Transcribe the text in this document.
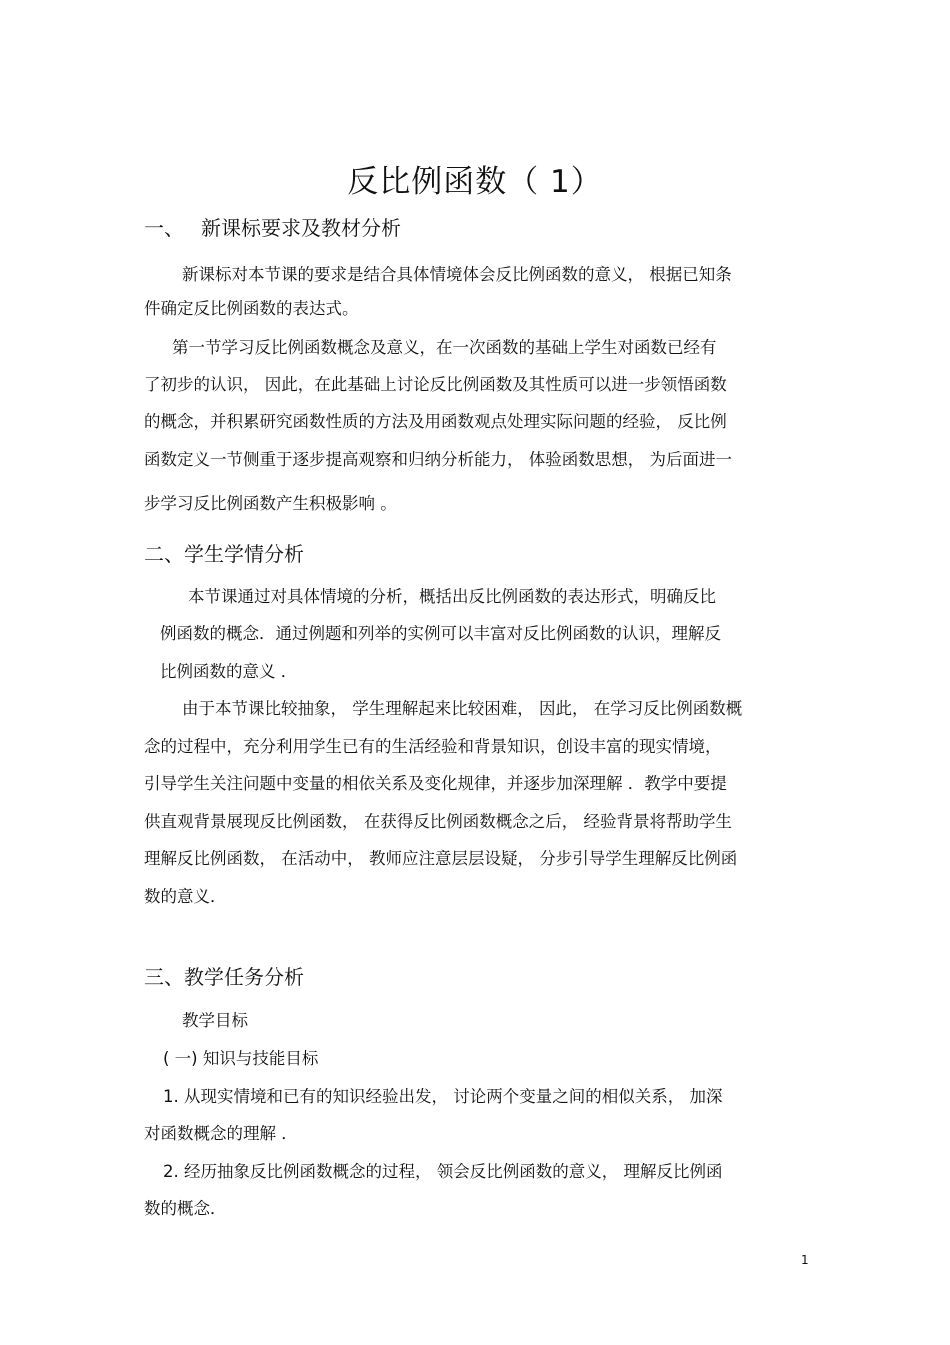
反比例函数（ 1）
一、 新课标要求及教材分析
新课标对本节课的要求是结合具体情境体会反比例函数的意义， 根据已知条
件确定反比例函数的表达式。
第一节学习反比例函数概念及意义，在一次函数的基础上学生对函数已经有
了初步的认识， 因此，在此基础上讨论反比例函数及其性质可以进一步领悟函数
的概念，并积累研究函数性质的方法及用函数观点处理实际问题的经验， 反比例
函数定义一节侧重于逐步提高观察和归纳分析能力， 体验函数思想， 为后面进一
步学习反比例函数产生积极影响 。
二、学生学情分析
本节课通过对具体情境的分析，概括出反比例函数的表达形式，明确反比
例函数的概念．通过例题和列举的实例可以丰富对反比例函数的认识，理解反
比例函数的意义 ．
由于本节课比较抽象， 学生理解起来比较困难， 因此， 在学习反比例函数概
念的过程中，充分利用学生已有的生活经验和背景知识，创设丰富的现实情境，
引导学生关注问题中变量的相依关系及变化规律，并逐步加深理解 ．教学中要提
供直观背景展现反比例函数， 在获得反比例函数概念之后， 经验背景将帮助学生
理解反比例函数， 在活动中， 教师应注意层层设疑， 分步引导学生理解反比例函
数的意义．
三、教学任务分析
教学目标
( 一) 知识与技能目标
1. 从现实情境和已有的知识经验出发， 讨论两个变量之间的相似关系， 加深
对函数概念的理解 ．
2. 经历抽象反比例函数概念的过程， 领会反比例函数的意义， 理解反比例函
数的概念．
1
